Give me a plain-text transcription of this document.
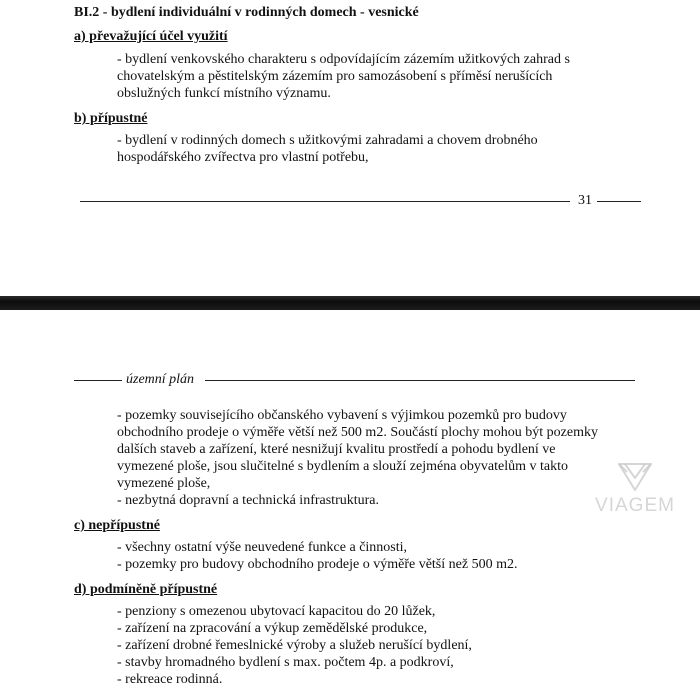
BI.2 - bydlení individuální v rodinných domech - vesnické
a) převažující účel využití
- bydlení venkovského charakteru s odpovídajícím zázemím užitkových zahrad s
chovatelským a pěstitelským zázemím pro samozásobení s příměsí nerušících
obslužných funkcí místního významu.
b) přípustné
- bydlení v rodinných domech s užitkovými zahradami a chovem drobného
hospodářského zvířectva pro vlastní potřebu,
31
územní plán
- pozemky souvisejícího občanského vybavení s výjimkou pozemků pro budovy
obchodního prodeje o výměře větší než 500 m2. Součástí plochy mohou být pozemky
dalších staveb a zařízení, které nesnižují kvalitu prostředí a pohodu bydlení ve
vymezené ploše, jsou slučitelné s bydlením a slouží zejména obyvatelům v takto
vymezené ploše,
- nezbytná dopravní a technická infrastruktura.
c) nepřípustné
- všechny ostatní výše neuvedené funkce a činnosti,
- pozemky pro budovy obchodního prodeje o výměře větší než 500 m2.
d) podmíněně přípustné
- penziony s omezenou ubytovací kapacitou do 20 lůžek,
- zařízení na zpracování a výkup zemědělské produkce,
- zařízení drobné řemeslnické výroby a služeb nerušící bydlení,
- stavby hromadného bydlení s max. počtem 4p. a podkroví,
- rekreace rodinná.
VIAGEM
